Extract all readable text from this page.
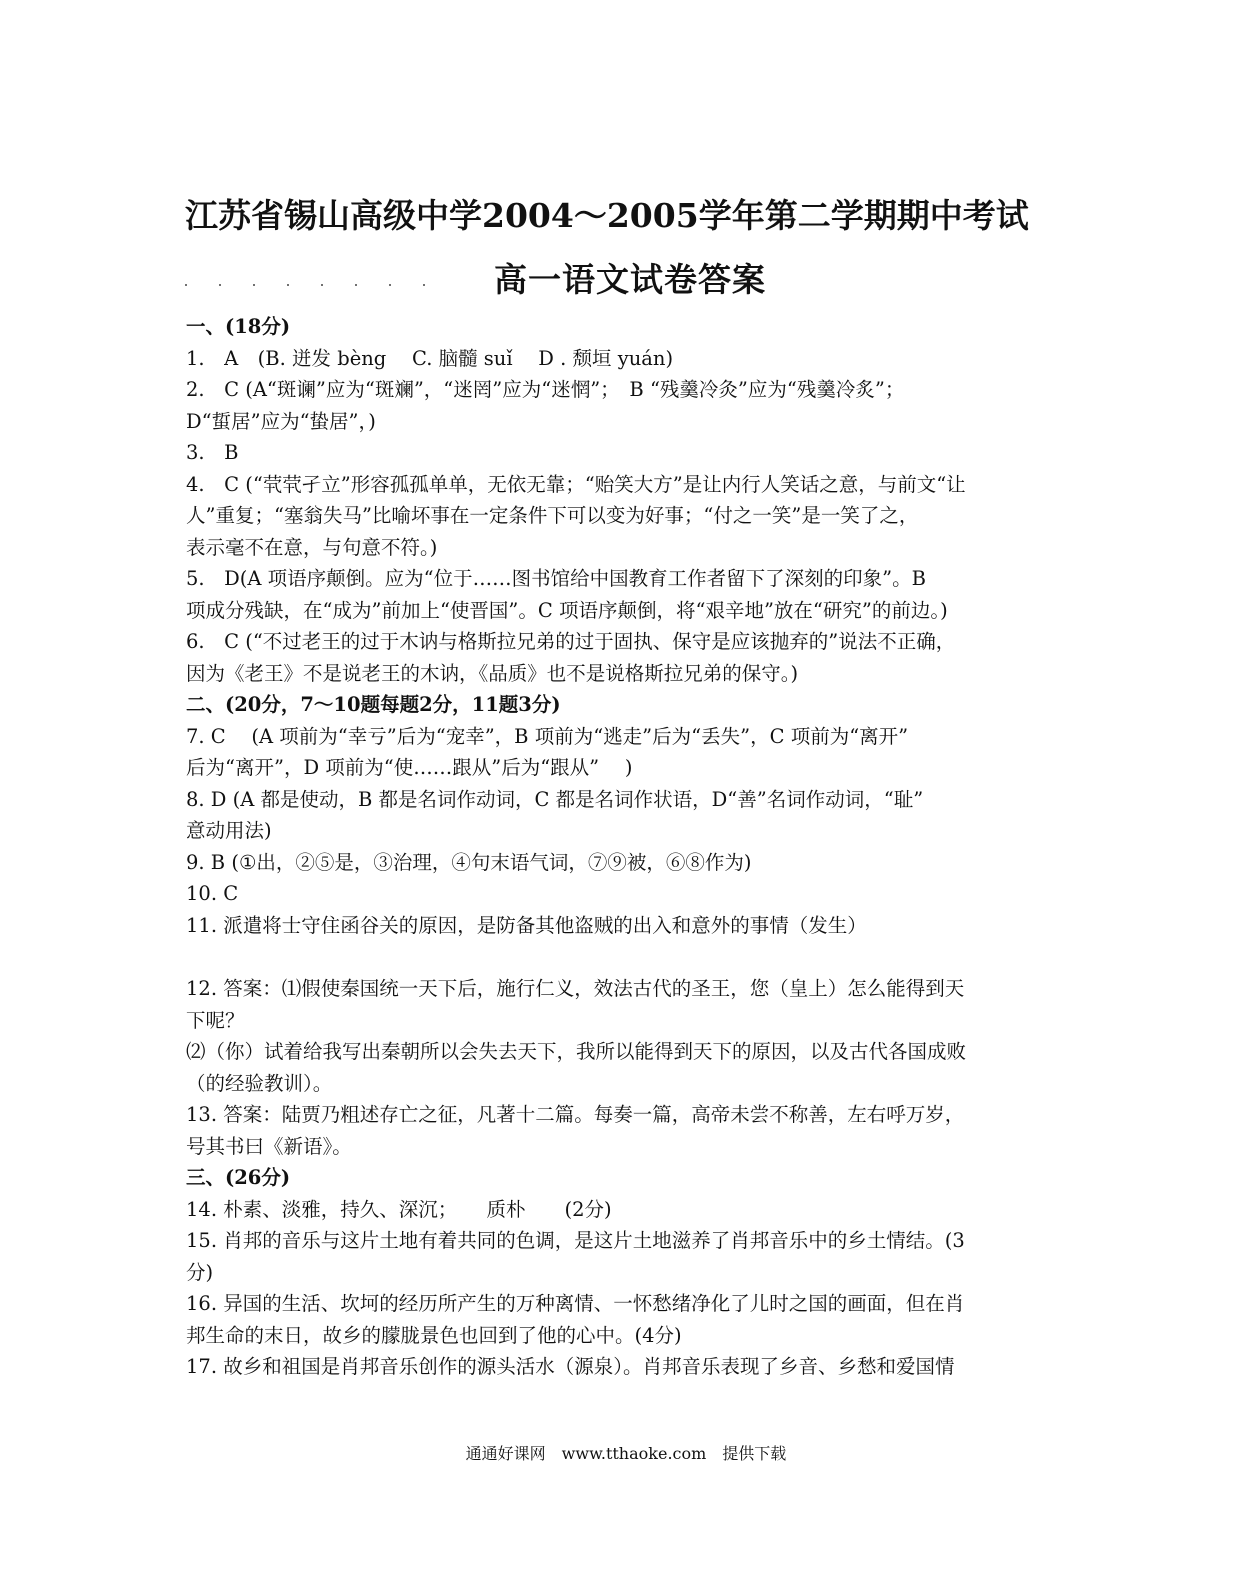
江苏省锡山高级中学2004～2005学年第二学期期中考试
高一语文试卷答案
一、(18分)
1.　A　(B. 迸发 bèng　 C. 脑髓 suǐ　 D . 颓垣 yuán)
2.　C (A“斑谰”应为“斑斓”，“迷罔”应为“迷惘”；　B “残羹冷灸”应为“残羹冷炙”；
D“蜇居”应为“蛰居”，)
3.　B
4.　C (“茕茕孑立”形容孤孤单单，无依无靠；“贻笑大方”是让内行人笑话之意，与前文“让
人”重复；“塞翁失马”比喻坏事在一定条件下可以变为好事；“付之一笑”是一笑了之，
表示毫不在意，与句意不符。)
5.　D(A 项语序颠倒。应为“位于……图书馆给中国教育工作者留下了深刻的印象”。B
项成分残缺，在“成为”前加上“使晋国”。C 项语序颠倒，将“艰辛地”放在“研究”的前边。)
6.　C (“不过老王的过于木讷与格斯拉兄弟的过于固执、保守是应该抛弃的”说法不正确，
因为《老王》不是说老王的木讷，《品质》也不是说格斯拉兄弟的保守。)
二、(20分，7～10题每题2分，11题3分)
7. C　 (A 项前为“幸亏”后为“宠幸”，B 项前为“逃走”后为“丢失”，C 项前为“离开”
后为“离开”，D 项前为“使……跟从”后为“跟从”　 )
8. D (A 都是使动，B 都是名词作动词，C 都是名词作状语，D“善”名词作动词，“耻”
意动用法)
9. B (①出，②⑤是，③治理，④句末语气词，⑦⑨被，⑥⑧作为)
10. C
11. 派遣将士守住函谷关的原因，是防备其他盗贼的出入和意外的事情（发生）
12. 答案：⑴假使秦国统一天下后，施行仁义，效法古代的圣王，您（皇上）怎么能得到天
下呢？
⑵（你）试着给我写出秦朝所以会失去天下，我所以能得到天下的原因，以及古代各国成败
（的经验教训）。
13. 答案：陆贾乃粗述存亡之征，凡著十二篇。每奏一篇，高帝未尝不称善，左右呼万岁，
号其书曰《新语》。
三、(26分)
14. 朴素、淡雅，持久、深沉；　　质朴　　(2分)
15. 肖邦的音乐与这片土地有着共同的色调，是这片土地滋养了肖邦音乐中的乡土情结。(3
分)
16. 异国的生活、坎坷的经历所产生的万种离情、一怀愁绪净化了儿时之国的画面，但在肖
邦生命的末日，故乡的朦胧景色也回到了他的心中。(4分)
17. 故乡和祖国是肖邦音乐创作的源头活水（源泉）。肖邦音乐表现了乡音、乡愁和爱国情
通通好课网　www.tthaoke.com　提供下载
